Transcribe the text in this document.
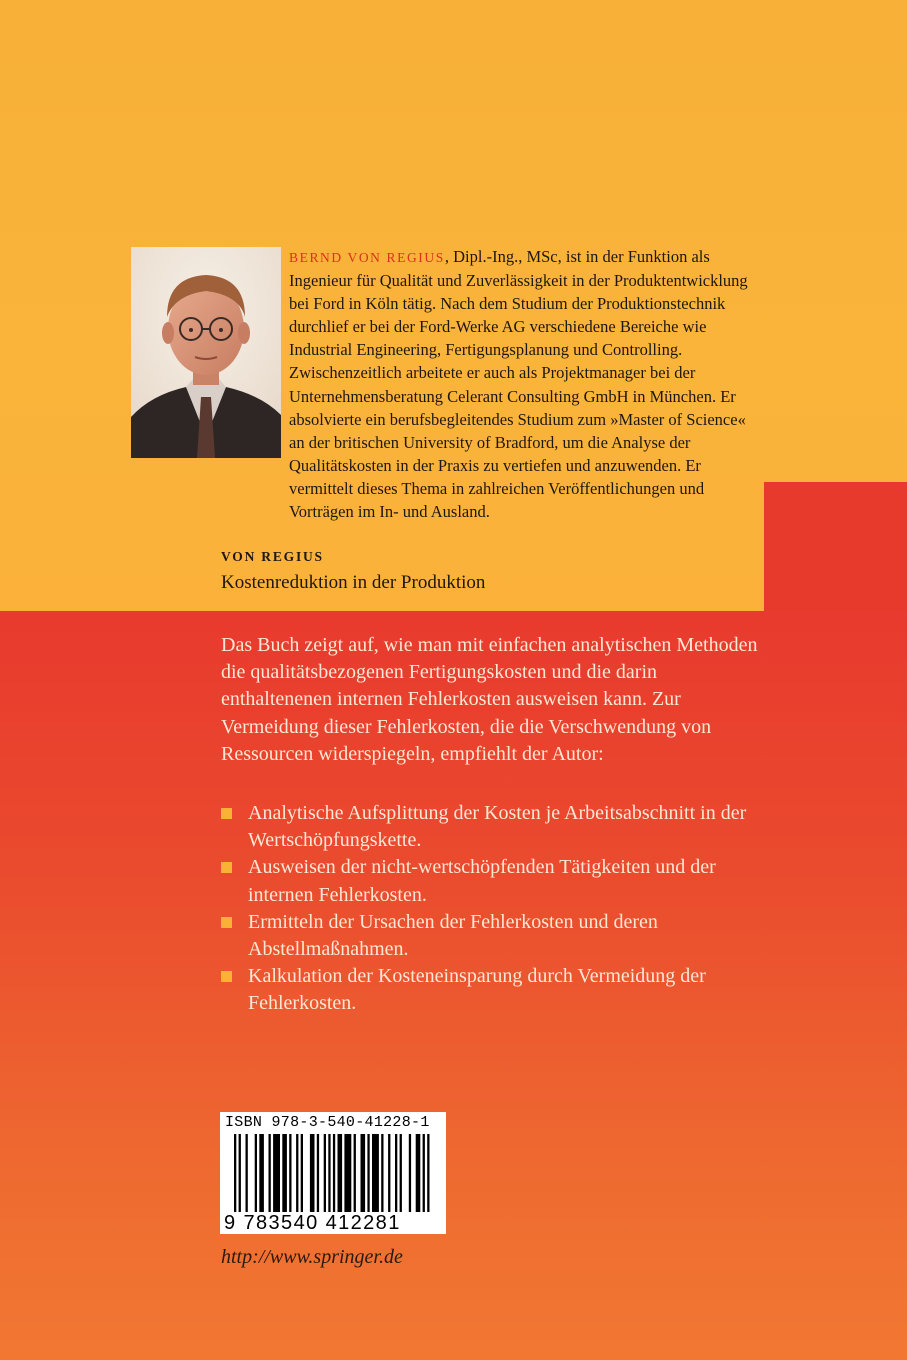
BERND VON REGIUS, Dipl.-Ing., MSc, ist in der Funktion als Ingenieur für Qualität und Zuverlässigkeit in der Produktentwicklung bei Ford in Köln tätig. Nach dem Studium der Produktionstechnik durchlief er bei der Ford-Werke AG verschiedene Bereiche wie Industrial Engineering, Fertigungsplanung und Controlling. Zwischenzeitlich arbeitete er auch als Projektmanager bei der Unternehmensberatung Celerant Consulting GmbH in München. Er absolvierte ein berufsbegleitendes Studium zum »Master of Science« an der britischen University of Bradford, um die Analyse der Qualitätskosten in der Praxis zu vertiefen und anzuwenden. Er vermittelt dieses Thema in zahlreichen Veröffentlichungen und Vorträgen im In- und Ausland.
VON REGIUS
Kostenreduktion in der Produktion
Das Buch zeigt auf, wie man mit einfachen analytischen Methoden die qualitätsbezogenen Fertigungskosten und die darin enthaltenenen internen Fehlerkosten ausweisen kann. Zur Vermeidung dieser Fehlerkosten, die die Verschwendung von Ressourcen widerspiegeln, empfiehlt der Autor:
Analytische Aufsplittung der Kosten je Arbeitsabschnitt in der Wertschöpfungskette.
Ausweisen der nicht-wertschöpfenden Tätigkeiten und der internen Fehlerkosten.
Ermitteln der Ursachen der Fehlerkosten und deren Abstellmaßnahmen.
Kalkulation der Kosteneinsparung durch Vermeidung der Fehlerkosten.
ISBN 978-3-540-41228-1
9 783540 412281
http://www.springer.de
